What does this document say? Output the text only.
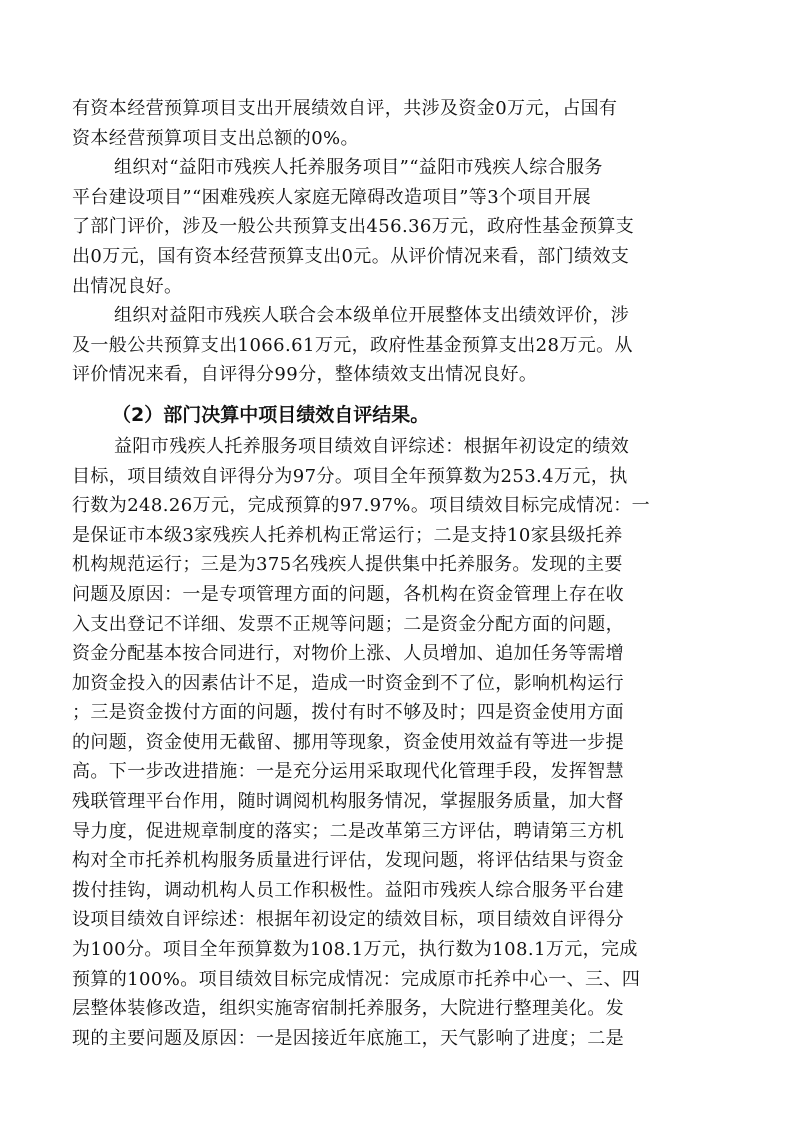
有资本经营预算项目支出开展绩效自评，共涉及资金0万元，占国有
资本经营预算项目支出总额的0%。
组织对“益阳市残疾人托养服务项目”“益阳市残疾人综合服务
平台建设项目”“困难残疾人家庭无障碍改造项目”等3个项目开展
了部门评价，涉及一般公共预算支出456.36万元，政府性基金预算支
出0万元，国有资本经营预算支出0元。从评价情况来看，部门绩效支
出情况良好。
组织对益阳市残疾人联合会本级单位开展整体支出绩效评价，涉
及一般公共预算支出1066.61万元，政府性基金预算支出28万元。从
评价情况来看，自评得分99分，整体绩效支出情况良好。
（2）部门决算中项目绩效自评结果。
益阳市残疾人托养服务项目绩效自评综述：根据年初设定的绩效
目标，项目绩效自评得分为97分。项目全年预算数为253.4万元，执
行数为248.26万元，完成预算的97.97%。项目绩效目标完成情况：一
是保证市本级3家残疾人托养机构正常运行；二是支持10家县级托养
机构规范运行；三是为375名残疾人提供集中托养服务。发现的主要
问题及原因：一是专项管理方面的问题，各机构在资金管理上存在收
入支出登记不详细、发票不正规等问题；二是资金分配方面的问题，
资金分配基本按合同进行，对物价上涨、人员增加、追加任务等需增
加资金投入的因素估计不足，造成一时资金到不了位，影响机构运行
；三是资金拨付方面的问题，拨付有时不够及时；四是资金使用方面
的问题，资金使用无截留、挪用等现象，资金使用效益有等进一步提
高。下一步改进措施：一是充分运用采取现代化管理手段，发挥智慧
残联管理平台作用，随时调阅机构服务情况，掌握服务质量，加大督
导力度，促进规章制度的落实；二是改革第三方评估，聘请第三方机
构对全市托养机构服务质量进行评估，发现问题，将评估结果与资金
拨付挂钩，调动机构人员工作积极性。益阳市残疾人综合服务平台建
设项目绩效自评综述：根据年初设定的绩效目标，项目绩效自评得分
为100分。项目全年预算数为108.1万元，执行数为108.1万元，完成
预算的100%。项目绩效目标完成情况：完成原市托养中心一、三、四
层整体装修改造，组织实施寄宿制托养服务，大院进行整理美化。发
现的主要问题及原因：一是因接近年底施工，天气影响了进度；二是
